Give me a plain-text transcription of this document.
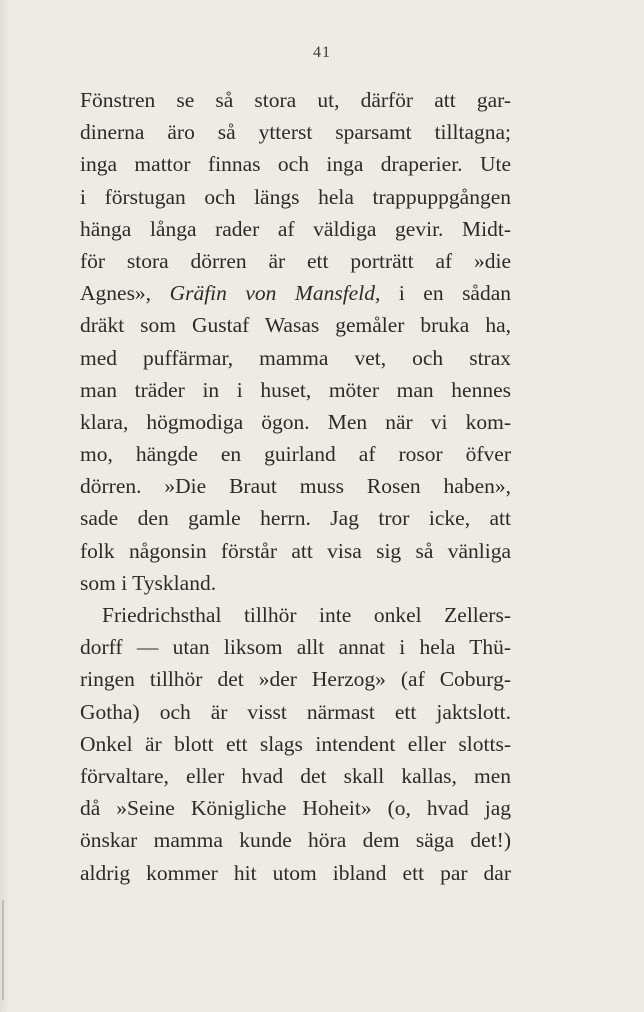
41
Fönstren se så stora ut, därför att gar-
dinerna äro så ytterst sparsamt tilltagna;
inga mattor finnas och inga draperier. Ute
i förstugan och längs hela trappuppgången
hänga långa rader af väldiga gevir. Midt-
för stora dörren är ett porträtt af »die
Agnes», Gräfin von Mansfeld, i en sådan
dräkt som Gustaf Wasas gemåler bruka ha,
med puffärmar, mamma vet, och strax
man träder in i huset, möter man hennes
klara, högmodiga ögon. Men när vi kom-
mo, hängde en guirland af rosor öfver
dörren. »Die Braut muss Rosen haben»,
sade den gamle herrn. Jag tror icke, att
folk någonsin förstår att visa sig så vänliga
som i Tyskland.
Friedrichsthal tillhör inte onkel Zellers-
dorff — utan liksom allt annat i hela Thü-
ringen tillhör det »der Herzog» (af Coburg-
Gotha) och är visst närmast ett jaktslott.
Onkel är blott ett slags intendent eller slotts-
förvaltare, eller hvad det skall kallas, men
då »Seine Königliche Hoheit» (o, hvad jag
önskar mamma kunde höra dem säga det!)
aldrig kommer hit utom ibland ett par dar
